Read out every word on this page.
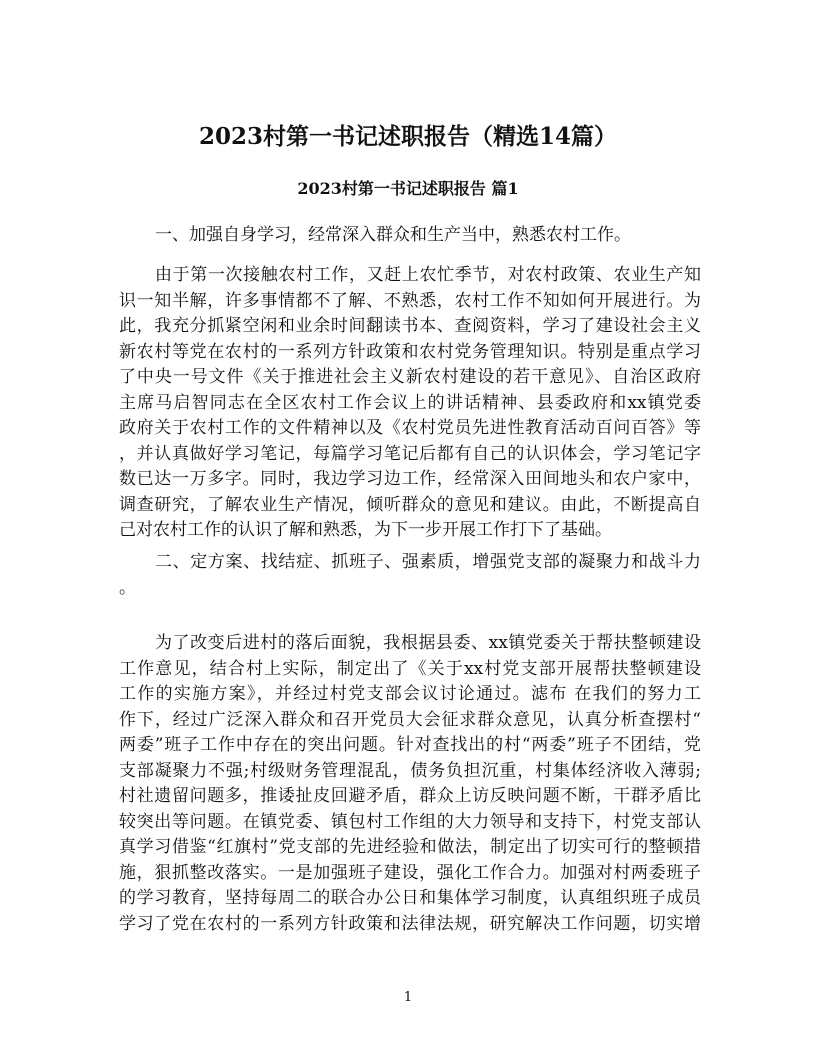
2023村第一书记述职报告（精选14篇）
2023村第一书记述职报告 篇1
一、加强自身学习，经常深入群众和生产当中，熟悉农村工作。
由于第一次接触农村工作，又赶上农忙季节，对农村政策、农业生产知
识一知半解，许多事情都不了解、不熟悉，农村工作不知如何开展进行。为
此，我充分抓紧空闲和业余时间翻读书本、查阅资料，学习了建设社会主义
新农村等党在农村的一系列方针政策和农村党务管理知识。特别是重点学习
了中央一号文件《关于推进社会主义新农村建设的若干意见》、自治区政府
主席马启智同志在全区农村工作会议上的讲话精神、县委政府和xx镇党委
政府关于农村工作的文件精神以及《农村党员先进性教育活动百问百答》等
，并认真做好学习笔记，每篇学习笔记后都有自己的认识体会，学习笔记字
数已达一万多字。同时，我边学习边工作，经常深入田间地头和农户家中，
调查研究，了解农业生产情况，倾听群众的意见和建议。由此，不断提高自
己对农村工作的认识了解和熟悉，为下一步开展工作打下了基础。
二、定方案、找结症、抓班子、强素质，增强党支部的凝聚力和战斗力
。
为了改变后进村的落后面貌，我根据县委、xx镇党委关于帮扶整顿建设
工作意见，结合村上实际，制定出了《关于xx村党支部开展帮扶整顿建设
工作的实施方案》，并经过村党支部会议讨论通过。滤布 在我们的努力工
作下，经过广泛深入群众和召开党员大会征求群众意见，认真分析查摆村“
两委”班子工作中存在的突出问题。针对查找出的村“两委”班子不团结，党
支部凝聚力不强;村级财务管理混乱，债务负担沉重，村集体经济收入薄弱;
村社遗留问题多，推诿扯皮回避矛盾，群众上访反映问题不断，干群矛盾比
较突出等问题。在镇党委、镇包村工作组的大力领导和支持下，村党支部认
真学习借鉴“红旗村”党支部的先进经验和做法，制定出了切实可行的整顿措
施，狠抓整改落实。一是加强班子建设，强化工作合力。加强对村两委班子
的学习教育，坚持每周二的联合办公日和集体学习制度，认真组织班子成员
学习了党在农村的一系列方针政策和法律法规，研究解决工作问题，切实增
1
